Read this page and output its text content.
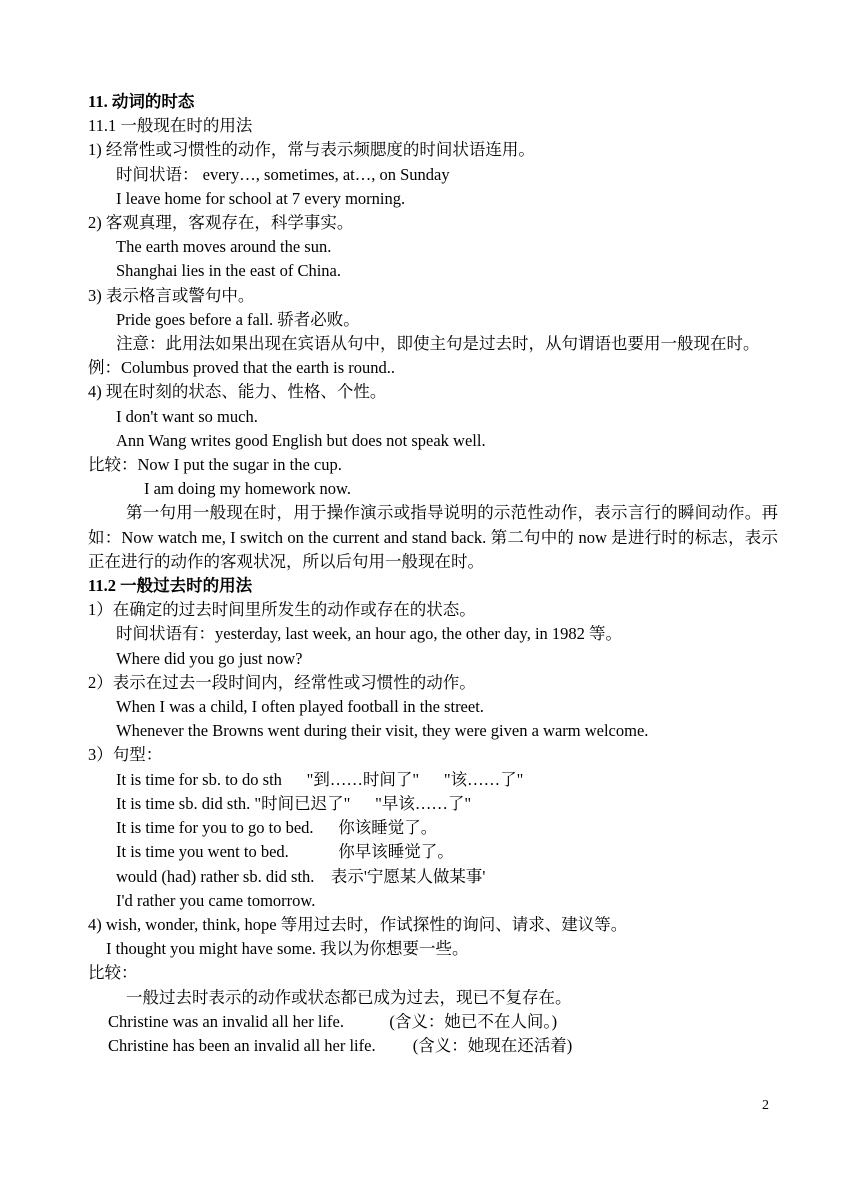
11. 动词的时态
11.1 一般现在时的用法
1) 经常性或习惯性的动作，常与表示频腮度的时间状语连用。
时间状语： every…, sometimes, at…, on Sunday
I leave home for school at 7 every morning.
2) 客观真理，客观存在，科学事实。
The earth moves around the sun.
Shanghai lies in the east of China.
3) 表示格言或警句中。
Pride goes before a fall. 骄者必败。
注意：此用法如果出现在宾语从句中，即使主句是过去时，从句谓语也要用一般现在时。
例：Columbus proved that the earth is round..
4) 现在时刻的状态、能力、性格、个性。
I don't want so much.
Ann Wang writes good English but does not speak well.
比较：Now I put the sugar in the cup.
I am doing my homework now.
第一句用一般现在时，用于操作演示或指导说明的示范性动作，表示言行的瞬间动作。再如：Now watch me, I switch on the current and stand back. 第二句中的 now 是进行时的标志，表示正在进行的动作的客观状况，所以后句用一般现在时。
11.2 一般过去时的用法
1）在确定的过去时间里所发生的动作或存在的状态。
时间状语有：yesterday, last week, an hour ago, the other day, in 1982 等。
Where did you go just now?
2）表示在过去一段时间内，经常性或习惯性的动作。
When I was a child, I often played football in the street.
Whenever the Browns went during their visit, they were given a warm welcome.
3）句型：
It is time for sb. to do sth      "到……时间了"      "该……了"
It is time sb. did sth. "时间已迟了"      "早该……了"
It is time for you to go to bed.      你该睡觉了。
It is time you went to bed.            你早该睡觉了。
would (had) rather sb. did sth.    表示'宁愿某人做某事'
I'd rather you came tomorrow.
4) wish, wonder, think, hope 等用过去时，作试探性的询问、请求、建议等。
I thought you might have some. 我以为你想要一些。
比较：
一般过去时表示的动作或状态都已成为过去，现已不复存在。
Christine was an invalid all her life.           (含义：她已不在人间。)
Christine has been an invalid all her life.         (含义：她现在还活着)
2
